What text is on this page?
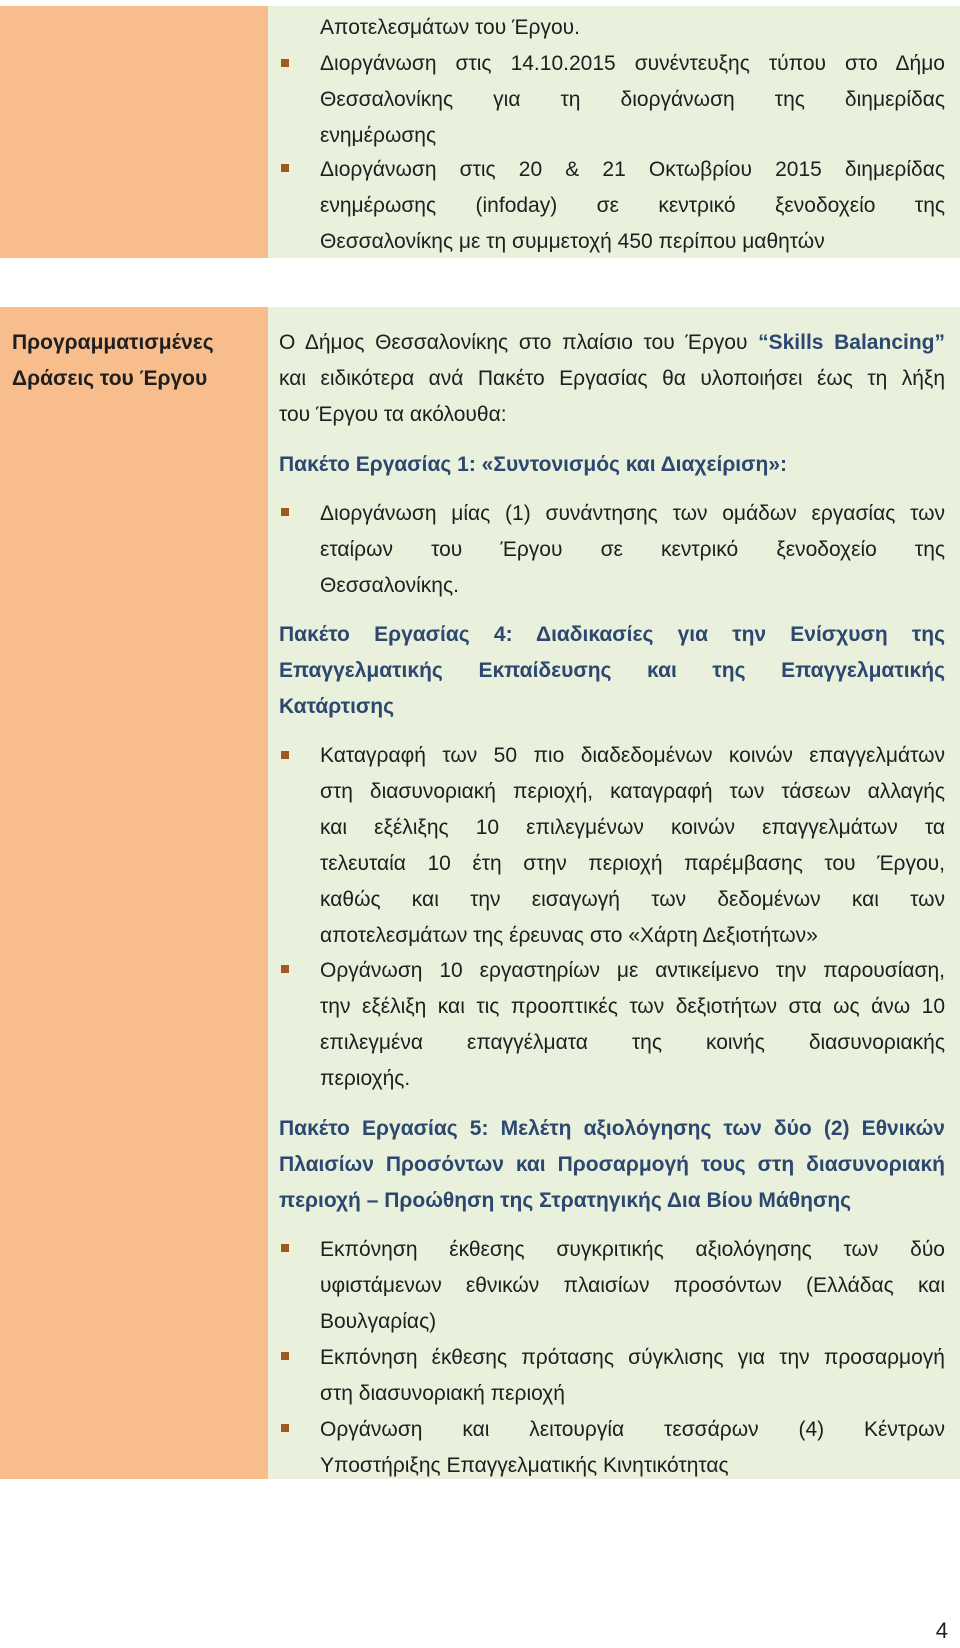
Αποτελεσμάτων του Έργου.
Διοργάνωση στις 14.10.2015 συνέντευξης τύπου στο Δήμο
Θεσσαλονίκης για τη διοργάνωση της διημερίδας
ενημέρωσης
Διοργάνωση στις 20 & 21 Οκτωβρίου 2015 διημερίδας
ενημέρωσης (infoday) σε κεντρικό ξενοδοχείο της
Θεσσαλονίκης με τη συμμετοχή 450 περίπου μαθητών
Προγραμματισμένες
Δράσεις του Έργου
Ο Δήμος Θεσσαλονίκης στο πλαίσιο του Έργου “Skills Balancing”
και ειδικότερα ανά Πακέτο Εργασίας θα υλοποιήσει έως τη λήξη
του Έργου τα ακόλουθα:
Πακέτο Εργασίας 1: «Συντονισμός και Διαχείριση»:
Διοργάνωση μίας (1) συνάντησης των ομάδων εργασίας των
εταίρων του Έργου σε κεντρικό ξενοδοχείο της
Θεσσαλονίκης.
Πακέτο Εργασίας 4: Διαδικασίες για την Ενίσχυση της
Επαγγελματικής Εκπαίδευσης και της Επαγγελματικής
Κατάρτισης
Καταγραφή των 50 πιο διαδεδομένων κοινών επαγγελμάτων
στη διασυνοριακή περιοχή, καταγραφή των τάσεων αλλαγής
και εξέλιξης 10 επιλεγμένων κοινών επαγγελμάτων τα
τελευταία 10 έτη στην περιοχή παρέμβασης του Έργου,
καθώς και την εισαγωγή των δεδομένων και των
αποτελεσμάτων της έρευνας στο «Χάρτη Δεξιοτήτων»
Οργάνωση 10 εργαστηρίων με αντικείμενο την παρουσίαση,
την εξέλιξη και τις προοπτικές των δεξιοτήτων στα ως άνω 10
επιλεγμένα επαγγέλματα της κοινής διασυνοριακής
περιοχής.
Πακέτο Εργασίας 5: Μελέτη αξιολόγησης των δύο (2) Εθνικών
Πλαισίων Προσόντων και Προσαρμογή τους στη διασυνοριακή
περιοχή – Προώθηση της Στρατηγικής Δια Βίου Μάθησης
Εκπόνηση έκθεσης συγκριτικής αξιολόγησης των δύο
υφιστάμενων εθνικών πλαισίων προσόντων (Ελλάδας και
Βουλγαρίας)
Εκπόνηση έκθεσης πρότασης σύγκλισης για την προσαρμογή
στη διασυνοριακή περιοχή
Οργάνωση και λειτουργία τεσσάρων (4) Κέντρων
Υποστήριξης Επαγγελματικής Κινητικότητας
4
